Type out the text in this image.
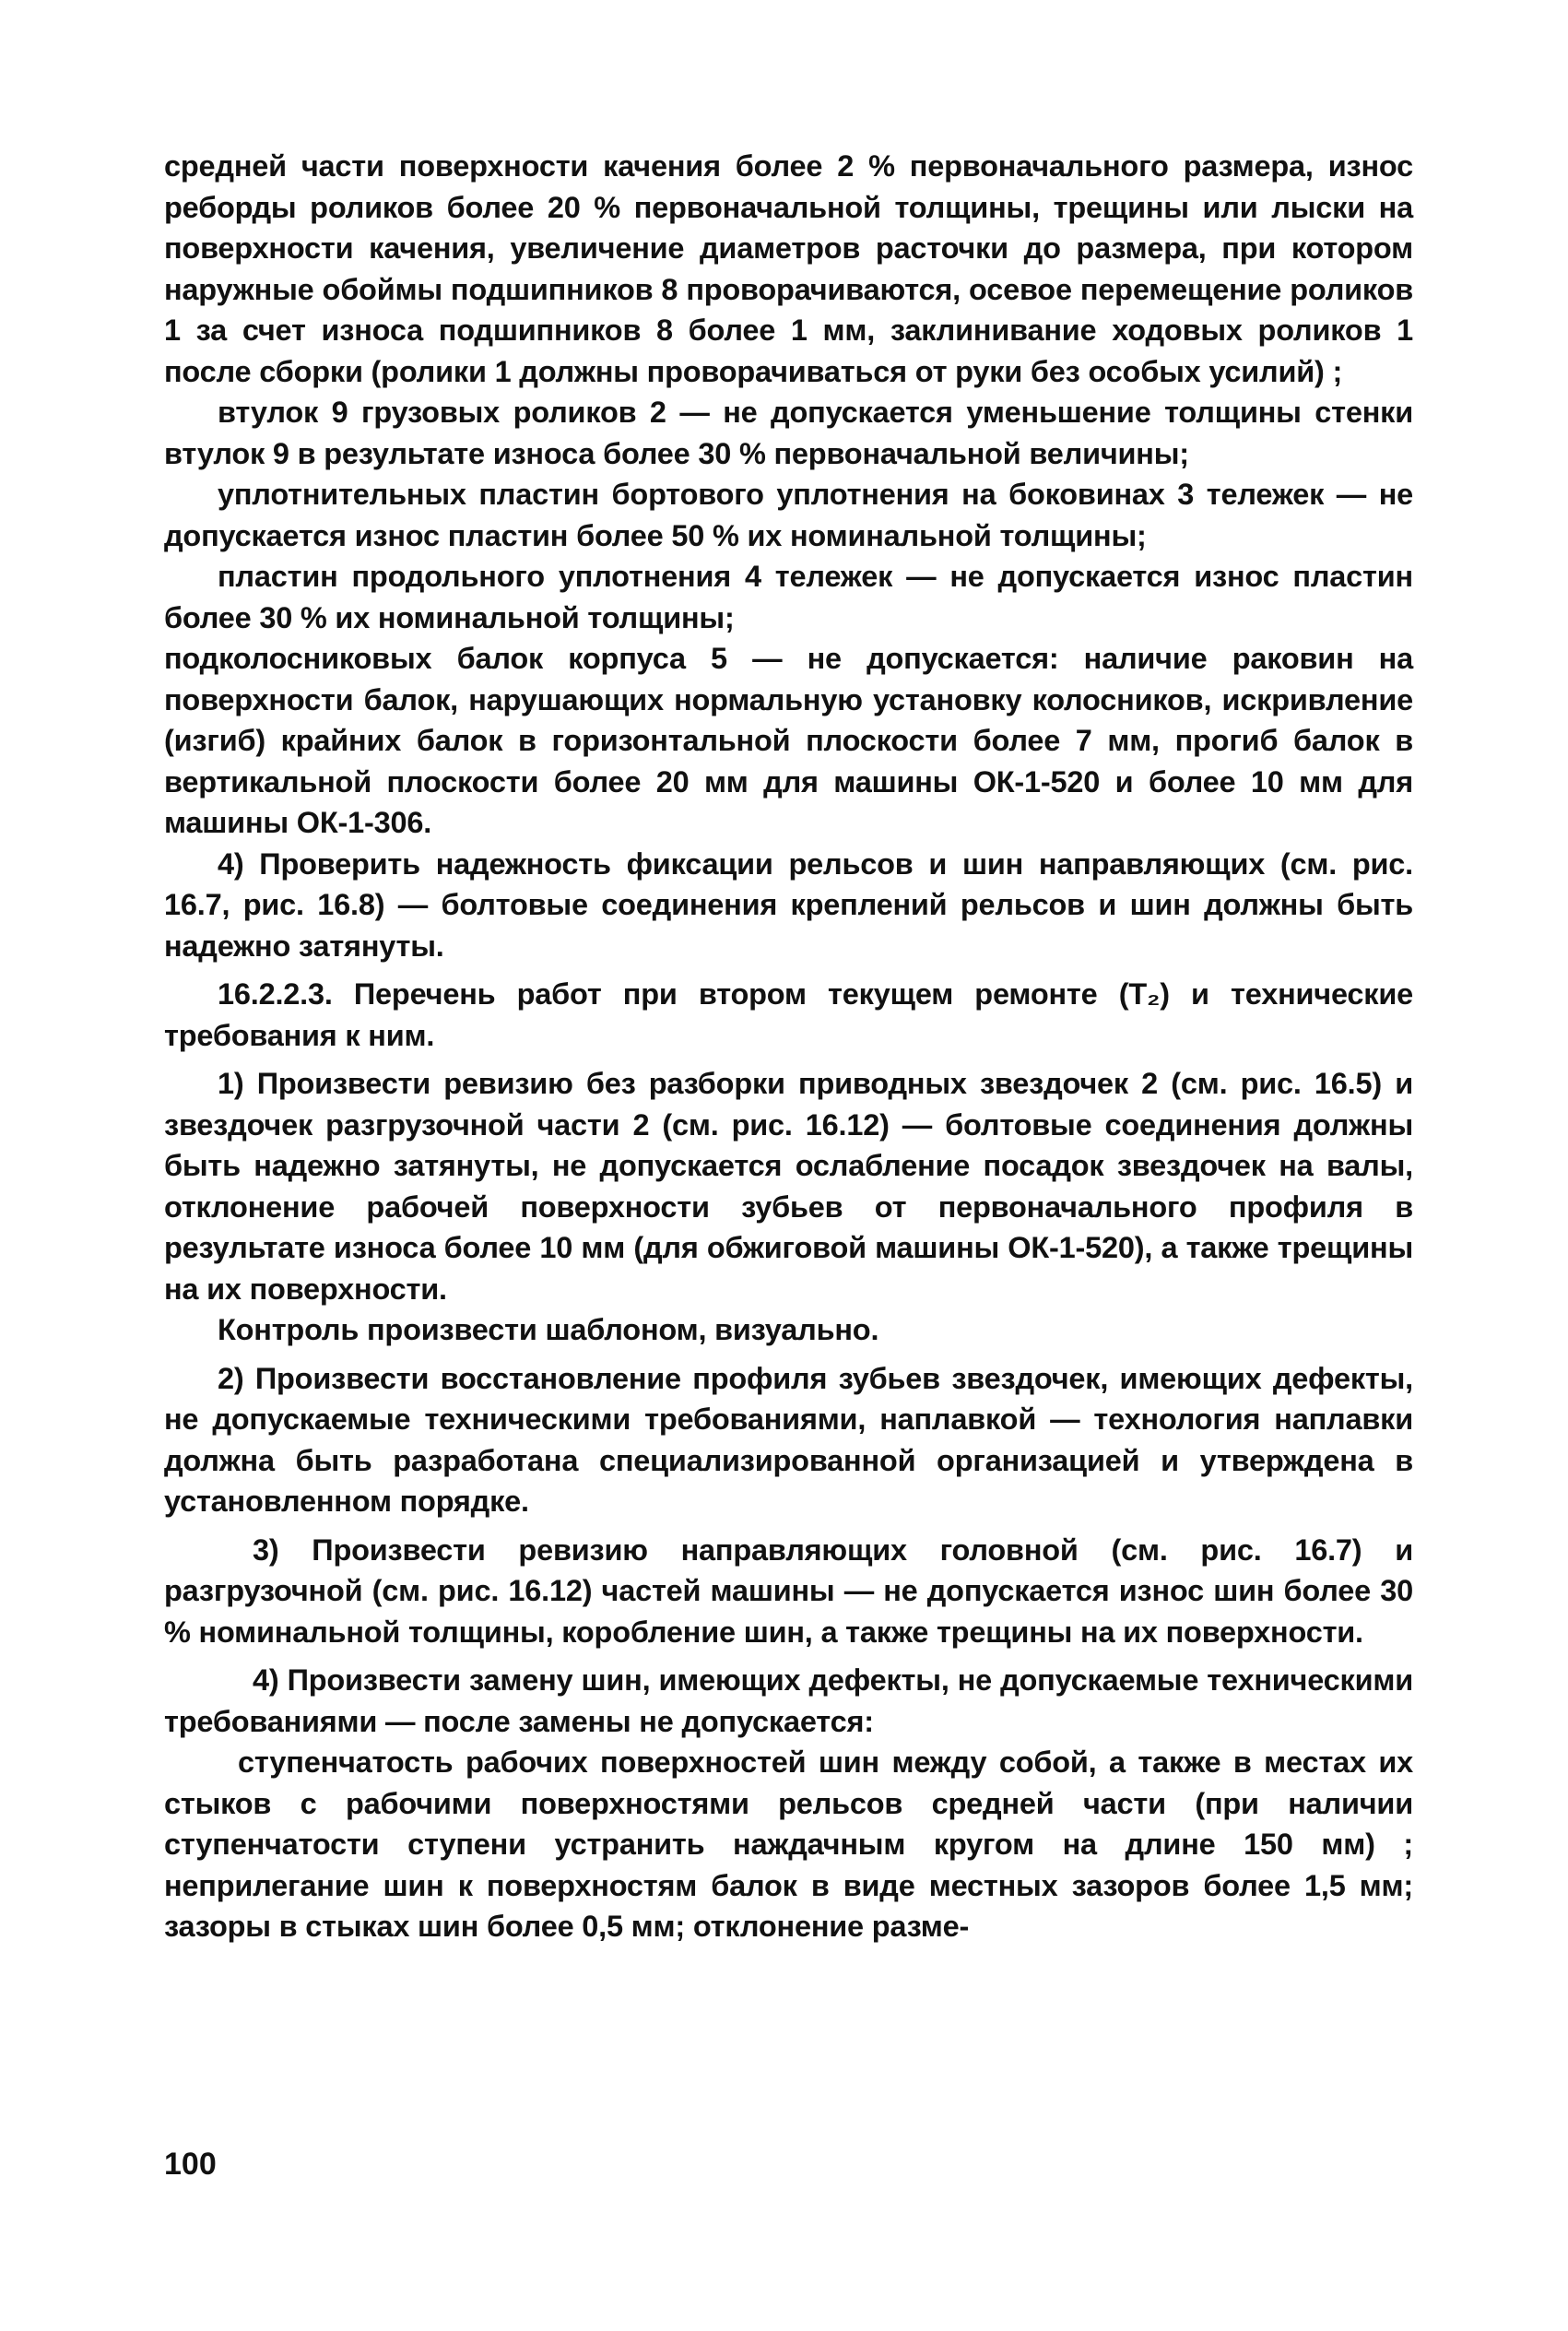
средней части поверхности качения более 2 % первоначального размера, износ реборды роликов более 20 % первоначальной толщины, трещины или лыски на поверхности качения, увеличение диаметров расточки до размера, при котором наружные обоймы подшипников 8 проворачиваются, осевое перемещение роликов 1 за счет износа подшипников 8 более 1 мм, заклинивание ходовых роликов 1 после сборки (ролики 1 должны проворачиваться от руки без особых усилий) ;

втулок 9 грузовых роликов 2 — не допускается уменьшение толщины стенки втулок 9 в результате износа более 30 % первоначальной величины;

уплотнительных пластин бортового уплотнения на боковинах 3 тележек — не допускается износ пластин более 50 % их номинальной толщины;

пластин продольного уплотнения 4 тележек — не допускается износ пластин более 30 % их номинальной толщины;

подколосниковых балок корпуса 5 — не допускается: наличие раковин на поверхности балок, нарушающих нормальную установку колосников, искривление (изгиб) крайних балок в горизонтальной плоскости более 7 мм, прогиб балок в вертикальной плоскости более 20 мм для машины ОК-1-520 и более 10 мм для машины ОК-1-306.

4) Проверить надежность фиксации рельсов и шин направляющих (см. рис. 16.7, рис. 16.8) — болтовые соединения креплений рельсов и шин должны быть надежно затянуты.

16.2.2.3. Перечень работ при втором текущем ремонте (T₂) и технические требования к ним.

1) Произвести ревизию без разборки приводных звездочек 2 (см. рис. 16.5) и звездочек разгрузочной части 2 (см. рис. 16.12) — болтовые соединения должны быть надежно затянуты, не допускается ослабление посадок звездочек на валы, отклонение рабочей поверхности зубьев от первоначального профиля в результате износа более 10 мм (для обжиговой машины ОК-1-520), а также трещины на их поверхности.

Контроль произвести шаблоном, визуально.

2) Произвести восстановление профиля зубьев звездочек, имеющих дефекты, не допускаемые техническими требованиями, наплавкой — технология наплавки должна быть разработана специализированной организацией и утверждена в установленном порядке.

3) Произвести ревизию направляющих головной (см. рис. 16.7) и разгрузочной (см. рис. 16.12) частей машины — не допускается износ шин более 30 % номинальной толщины, коробление шин, а также трещины на их поверхности.

4) Произвести замену шин, имеющих дефекты, не допускаемые техническими требованиями — после замены не допускается:

ступенчатость рабочих поверхностей шин между собой, а также в местах их стыков с рабочими поверхностями рельсов средней части (при наличии ступенчатости ступени устранить наждачным кругом на длине 150 мм) ; неприлегание шин к поверхностям балок в виде местных зазоров более 1,5 мм; зазоры в стыках шин более 0,5 мм; отклонение разме-

100
